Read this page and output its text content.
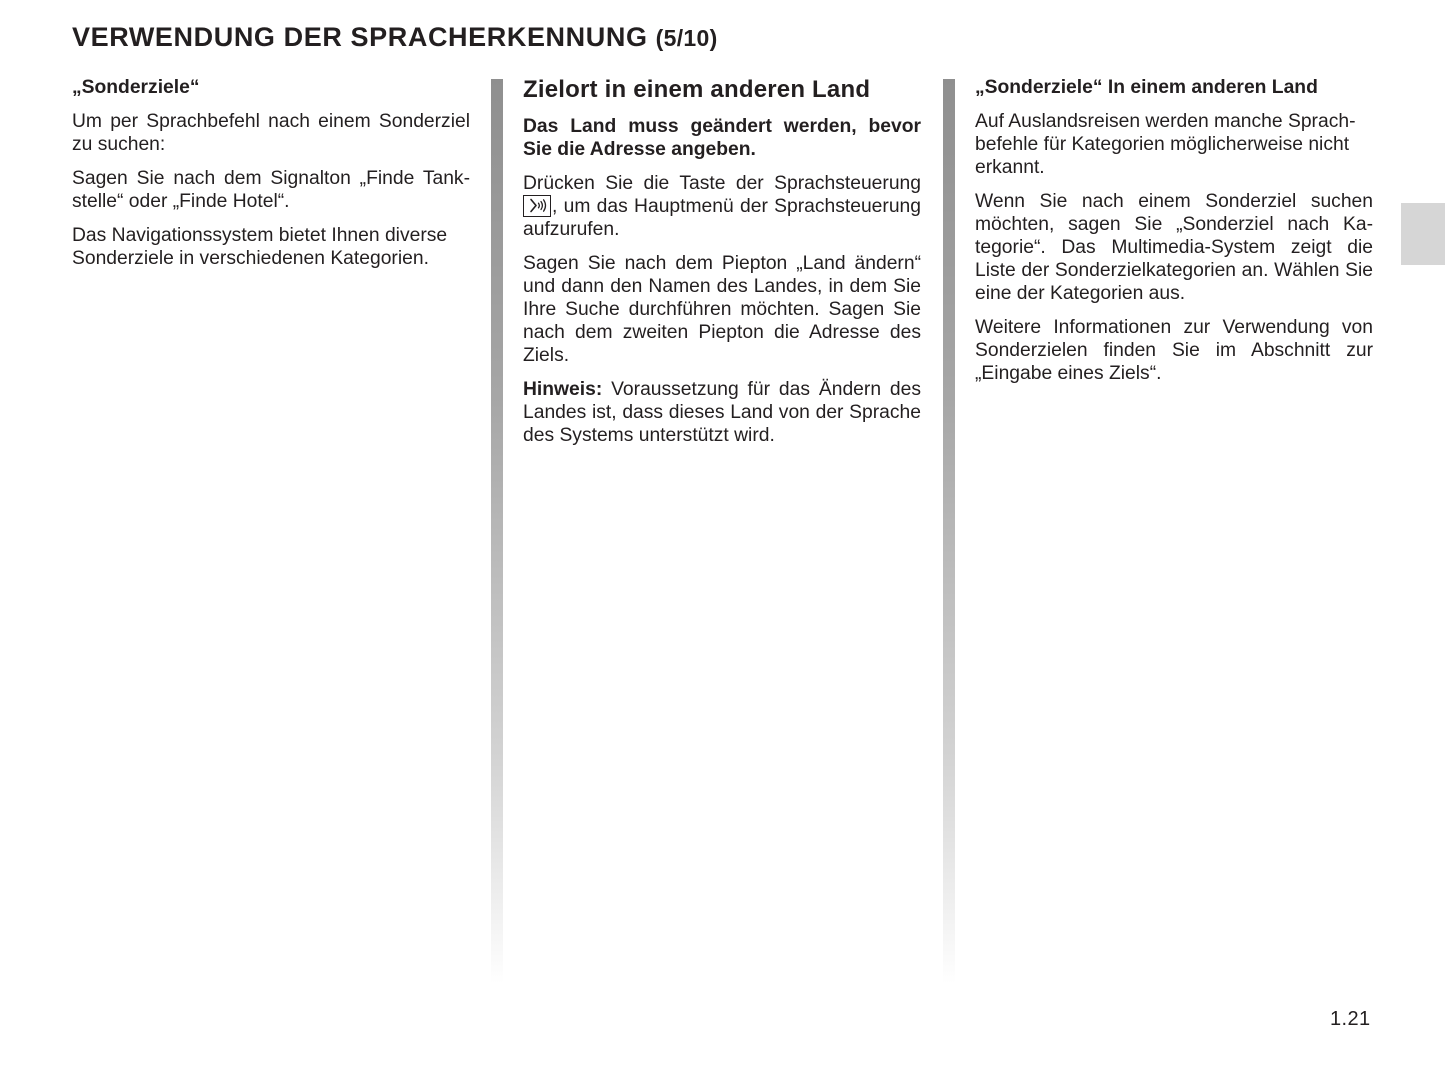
VERWENDUNG DER SPRACHERKENNUNG (5/10)
„Sonderziele“

Um per Sprachbefehl nach einem Sonderziel zu suchen:

Sagen Sie nach dem Signalton „Finde Tankstelle“ oder „Finde Hotel“.

Das Navigationssystem bietet Ihnen diverse Sonderziele in verschiedenen Kategorien.

Zielort in einem anderen Land

Das Land muss geändert werden, bevor Sie die Adresse angeben.

Drücken Sie die Taste der Sprachsteuerung
, um das Hauptmenü der Sprachsteuerung aufzurufen.

Sagen Sie nach dem Piepton „Land ändern“ und dann den Namen des Landes, in dem Sie Ihre Suche durchführen möchten. Sagen Sie nach dem zweiten Piepton die Adresse des Ziels.

Hinweis: Voraussetzung für das Ändern des Landes ist, dass dieses Land von der Sprache des Systems unterstützt wird.

„Sonderziele“ In einem anderen Land

Auf Auslandsreisen werden manche Sprachbefehle für Kategorien möglicherweise nicht erkannt.

Wenn Sie nach einem Sonderziel suchen möchten, sagen Sie „Sonderziel nach Kategorie“. Das Multimedia-System zeigt die Liste der Sonderzielkategorien an. Wählen Sie eine der Kategorien aus.

Weitere Informationen zur Verwendung von Sonderzielen finden Sie im Abschnitt zur „Eingabe eines Ziels“.

1.21
